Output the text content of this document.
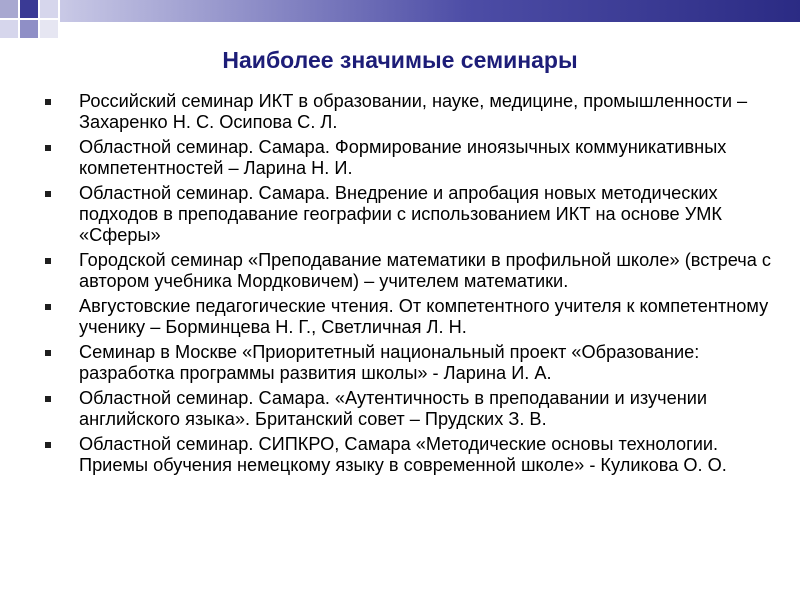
Наиболее значимые семинары
Российский семинар ИКТ в образовании, науке, медицине, промышленности – Захаренко Н. С. Осипова С. Л.
Областной семинар. Самара. Формирование иноязычных коммуникативных компетентностей – Ларина Н. И.
Областной семинар. Самара. Внедрение и апробация новых методических подходов в преподавание географии с использованием ИКТ на основе УМК «Сферы»
Городской семинар «Преподавание математики в профильной школе» (встреча с автором учебника Мордковичем) – учителем математики.
Августовские педагогические чтения. От компетентного учителя к компетентному ученику – Борминцева Н. Г., Светличная Л. Н.
Семинар в Москве «Приоритетный национальный проект «Образование: разработка программы развития школы» - Ларина И. А.
Областной семинар. Самара. «Аутентичность в преподавании и изучении английского языка». Британский совет – Прудских З. В.
Областной семинар. СИПКРО, Самара «Методические основы технологии. Приемы обучения немецкому языку в современной школе» - Куликова О. О.
